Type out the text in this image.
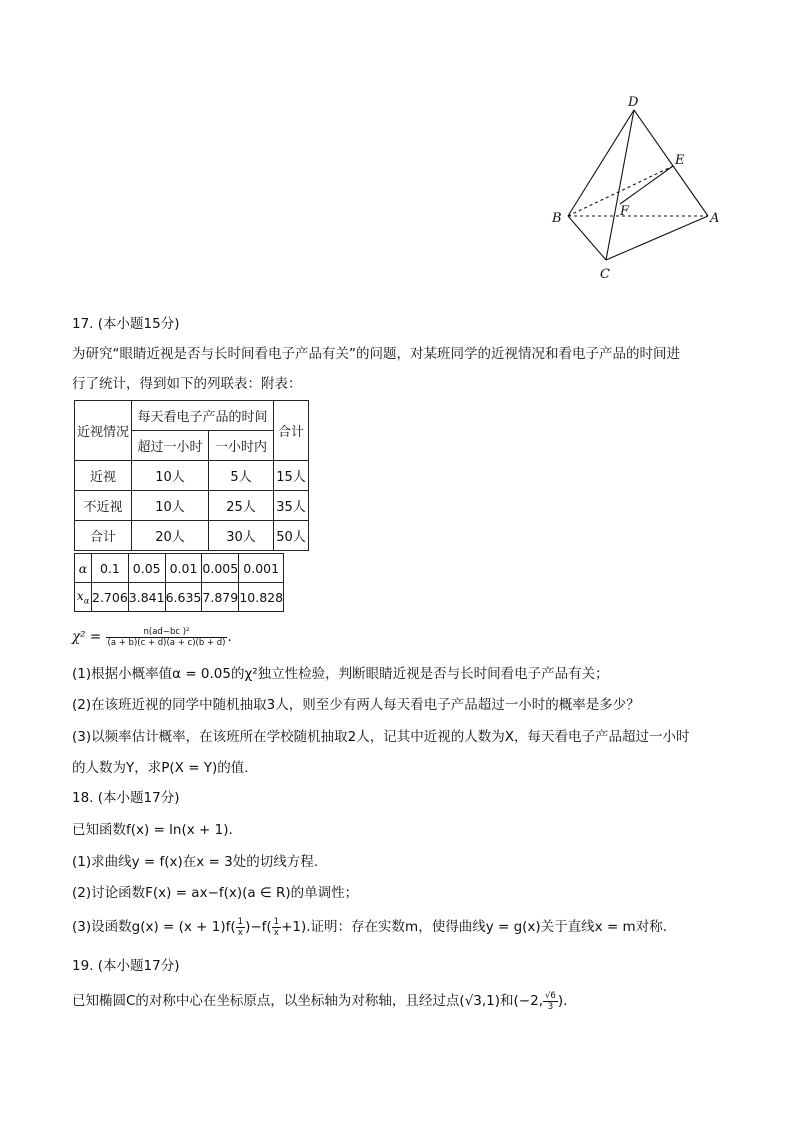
D
E
B	F	A
C
17. (本小题15分)
为研究“眼睛近视是否与长时间看电子产品有关”的问题，对某班同学的近视情况和看电子产品的时间进
行了统计，得到如下的列联表：附表：
近视情况	每天看电子产品的时间		合计
	超过一小时	一小时内	
近视	10人	5人	15人
不近视	10人	25人	35人
合计	20人	30人	50人
α	0.1	0.05	0.01	0.005	0.001
$x_\alpha$	2.706	3.841	6.635	7.879	10.828
$\chi^2 = \frac{\text{n(ad−bc )²}}{(a + b)(c + d)(a + c)(b + d)}$ .
(1)根据小概率值α = 0.05的χ²独立性检验，判断眼睛近视是否与长时间看电子产品有关；
(2)在该班近视的同学中随机抽取3人，则至少有两人每天看电子产品超过一小时的概率是多少？
(3)以频率估计概率，在该班所在学校随机抽取2人，记其中近视的人数为X，每天看电子产品超过一小时
的人数为Y，求P(X = Y)的值.
18. (本小题17分)
已知函数f(x) = ln(x + 1).
(1)求曲线y = f(x)在x = 3处的切线方程.
(2)讨论函数F(x) = ax−f(x)(a ∈ R)的单调性；
(3)设函数$g(x) = (x + 1)f( \frac{1}{x} )-f( \frac{1}{x} +1)$.证明：存在实数m，使得曲线y = g(x)关于直线x = m对称.
19. (本小题17分)
已知椭圆C的对称中心在坐标原点，以坐标轴为对称轴，且经过点(√3,1)和(−2, $\frac{√6}{3}$ ).
